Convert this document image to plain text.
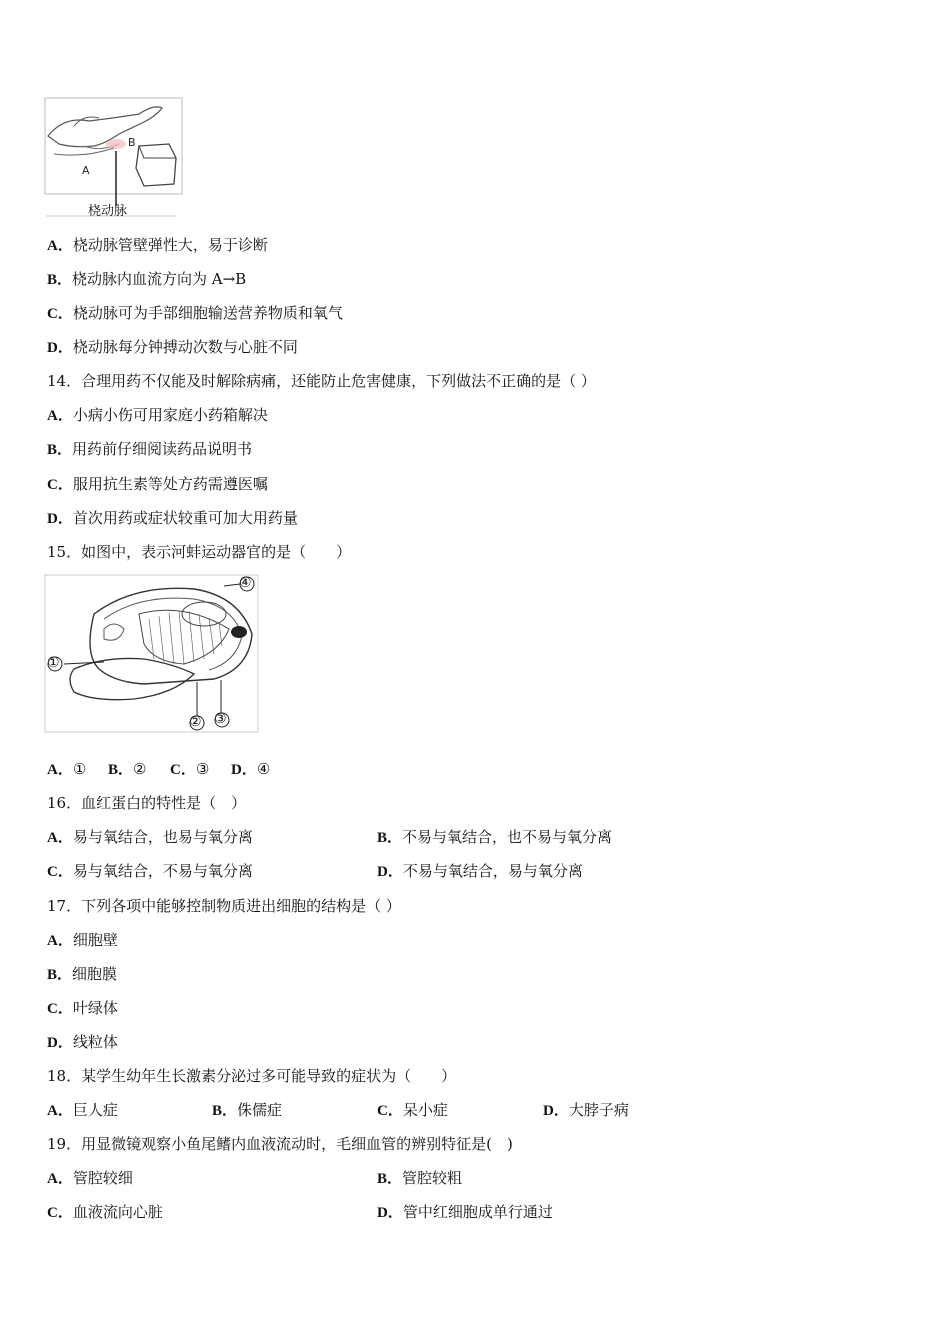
A
B
桡动脉
A．桡动脉管壁弹性大，易于诊断
B．桡动脉内血流方向为 A→B
C．桡动脉可为手部细胞输送营养物质和氧气
D．桡动脉每分钟搏动次数与心脏不同
14．合理用药不仅能及时解除病痛，还能防止危害健康，下列做法不正确的是（ ）
A．小病小伤可用家庭小药箱解决
B．用药前仔细阅读药品说明书
C．服用抗生素等处方药需遵医嘱
D．首次用药或症状较重可加大用药量
15．如图中，表示河蚌运动器官的是（　　）
①
② ③
④
A．① B．② C．③ D．④
16．血红蛋白的特性是（　）
A．易与氧结合，也易与氧分离	B．不易与氧结合，也不易与氧分离
C．易与氧结合，不易与氧分离	D．不易与氧结合，易与氧分离
17．下列各项中能够控制物质进出细胞的结构是（ ）
A．细胞壁
B．细胞膜
C．叶绿体
D．线粒体
18．某学生幼年生长激素分泌过多可能导致的症状为（　　）
A．巨人症	B．侏儒症	C．呆小症	D．大脖子病
19．用显微镜观察小鱼尾鳍内血液流动时，毛细血管的辨别特征是(　)
A．管腔较细	B．管腔较粗
C．血液流向心脏	D．管中红细胞成单行通过
